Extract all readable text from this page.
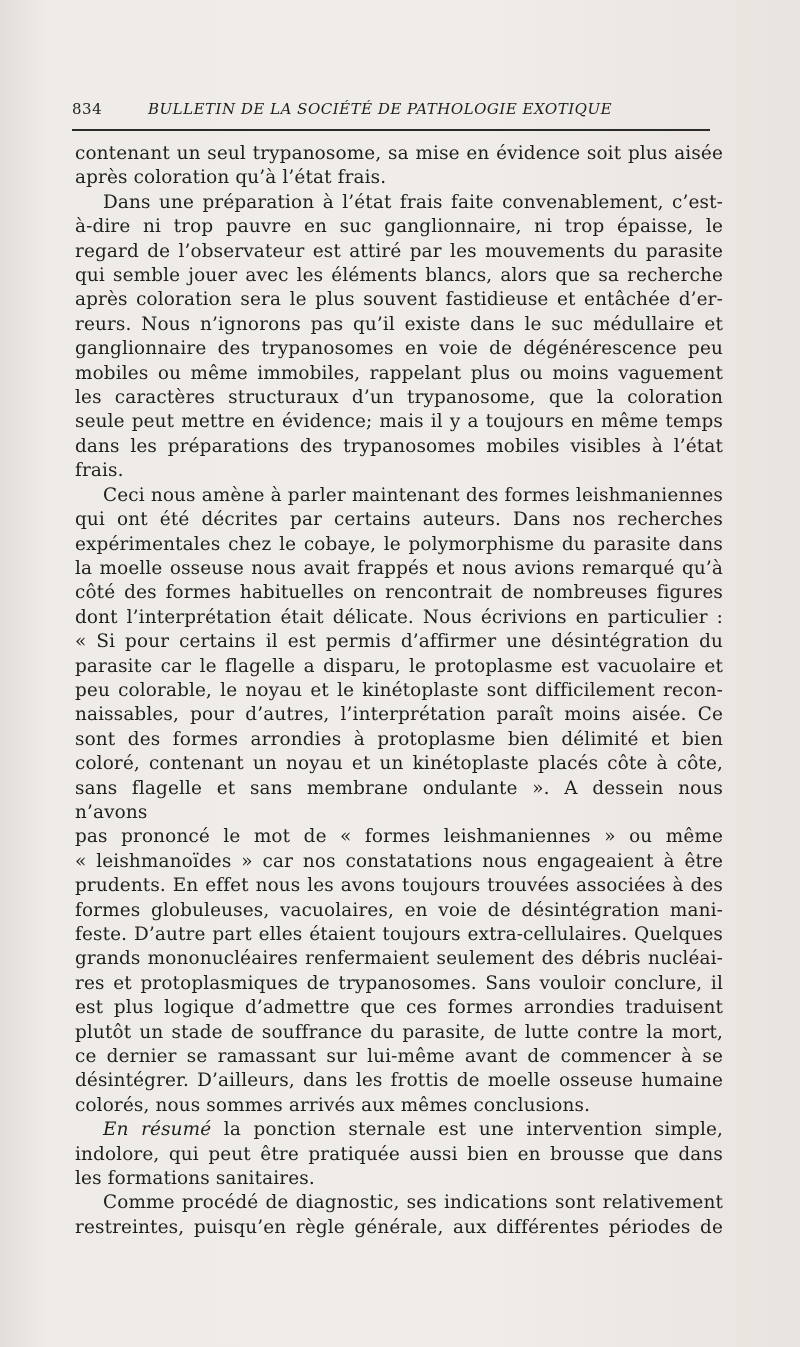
834	BULLETIN DE LA SOCIÉTÉ DE PATHOLOGIE EXOTIQUE
contenant un seul trypanosome, sa mise en évidence soit plus aisée
après coloration qu’à l’état frais.
Dans une préparation à l’état frais faite convenablement, c’est-
à-dire ni trop pauvre en suc ganglionnaire, ni trop épaisse, le
regard de l’observateur est attiré par les mouvements du parasite
qui semble jouer avec les éléments blancs, alors que sa recherche
après coloration sera le plus souvent fastidieuse et entâchée d’er-
reurs. Nous n’ignorons pas qu’il existe dans le suc médullaire et
ganglionnaire des trypanosomes en voie de dégénérescence peu
mobiles ou même immobiles, rappelant plus ou moins vaguement
les caractères structuraux d’un trypanosome, que la coloration
seule peut mettre en évidence; mais il y a toujours en même temps
dans les préparations des trypanosomes mobiles visibles à l’état
frais.
Ceci nous amène à parler maintenant des formes leishmaniennes
qui ont été décrites par certains auteurs. Dans nos recherches
expérimentales chez le cobaye, le polymorphisme du parasite dans
la moelle osseuse nous avait frappés et nous avions remarqué qu’à
côté des formes habituelles on rencontrait de nombreuses figures
dont l’interprétation était délicate. Nous écrivions en particulier :
« Si pour certains il est permis d’affirmer une désintégration du
parasite car le flagelle a disparu, le protoplasme est vacuolaire et
peu colorable, le noyau et le kinétoplaste sont difficilement recon-
naissables, pour d’autres, l’interprétation paraît moins aisée. Ce
sont des formes arrondies à protoplasme bien délimité et bien
coloré, contenant un noyau et un kinétoplaste placés côte à côte,
sans flagelle et sans membrane ondulante ». A dessein nous n’avons
pas prononcé le mot de « formes leishmaniennes » ou même
« leishmanoïdes » car nos constatations nous engageaient à être
prudents. En effet nous les avons toujours trouvées associées à des
formes globuleuses, vacuolaires, en voie de désintégration mani-
feste. D’autre part elles étaient toujours extra-cellulaires. Quelques
grands mononucléaires renfermaient seulement des débris nucléai-
res et protoplasmiques de trypanosomes. Sans vouloir conclure, il
est plus logique d’admettre que ces formes arrondies traduisent
plutôt un stade de souffrance du parasite, de lutte contre la mort,
ce dernier se ramassant sur lui-même avant de commencer à se
désintégrer. D’ailleurs, dans les frottis de moelle osseuse humaine
colorés, nous sommes arrivés aux mêmes conclusions.
En résumé la ponction sternale est une intervention simple,
indolore, qui peut être pratiquée aussi bien en brousse que dans
les formations sanitaires.
Comme procédé de diagnostic, ses indications sont relativement
restreintes, puisqu’en règle générale, aux différentes périodes de
